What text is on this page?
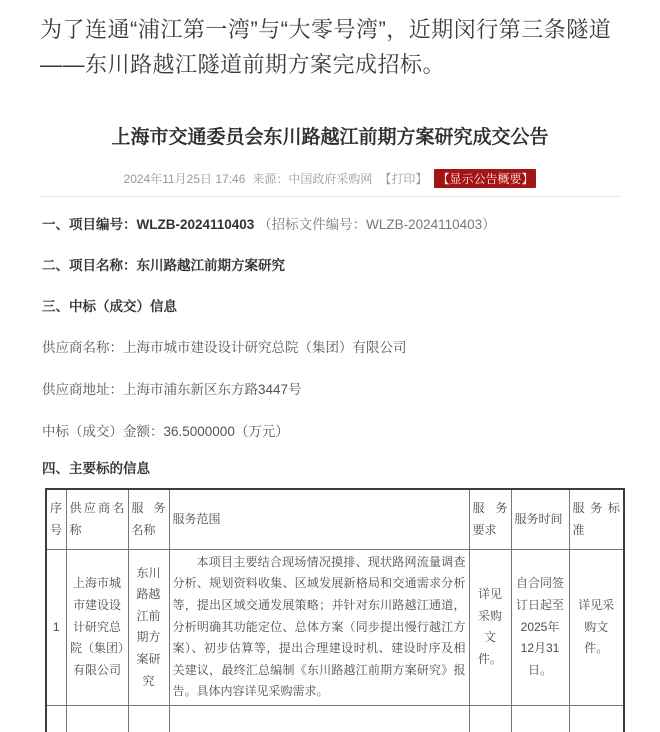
为了连通“浦江第一湾”与“大零号湾”，近期闵行第三条隧道——东川路越江隧道前期方案完成招标。

上海市交通委员会东川路越江前期方案研究成交公告
2024年11月25日 17:46 来源：中国政府采购网 【打印】 【显示公告概要】

一、项目编号：WLZB-2024110403 （招标文件编号：WLZB-2024110403）

二、项目名称：东川路越江前期方案研究

三、中标（成交）信息

供应商名称：上海市城市建设设计研究总院（集团）有限公司

供应商地址：上海市浦东新区东方路3447号

中标（成交）金额：36.5000000（万元）

四、主要标的信息

序号	供应商名称	服务名称	服务范围	服务要求	服务时间	服务标准
1	上海市城市建设设计研究总院（集团）有限公司	东川路越江前期方案研究	本项目主要结合现场情况摸排、现状路网流量调查分析、规划资料收集、区域发展新格局和交通需求分析等，提出区域交通发展策略；并针对东川路越江通道，分析明确其功能定位、总体方案（同步提出慢行越江方案）、初步估算等，提出合理建设时机、建设时序及相关建议，最终汇总编制《东川路越江前期方案研究》报告。具体内容详见采购需求。	详见采购文件。	自合同签订日起至2025年12月31日。	详见采购文件。
